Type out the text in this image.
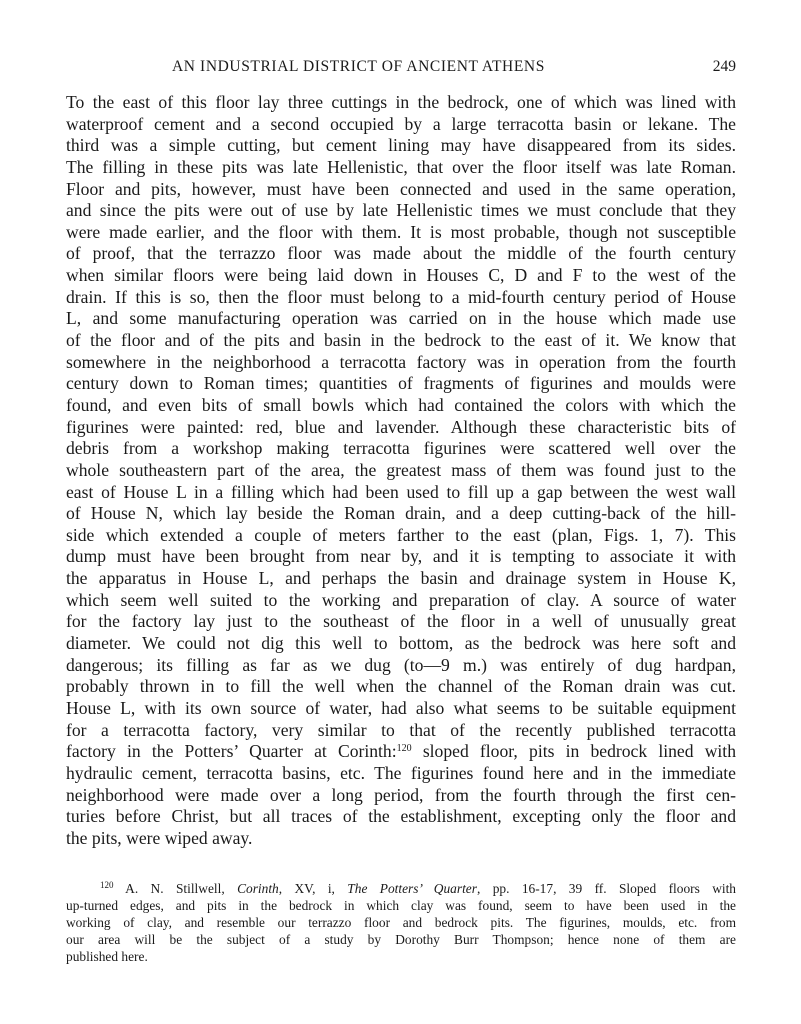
AN INDUSTRIAL DISTRICT OF ANCIENT ATHENS	249
To the east of this floor lay three cuttings in the bedrock, one of which was lined with
waterproof cement and a second occupied by a large terracotta basin or lekane. The
third was a simple cutting, but cement lining may have disappeared from its sides.
The filling in these pits was late Hellenistic, that over the floor itself was late Roman.
Floor and pits, however, must have been connected and used in the same operation,
and since the pits were out of use by late Hellenistic times we must conclude that they
were made earlier, and the floor with them. It is most probable, though not susceptible
of proof, that the terrazzo floor was made about the middle of the fourth century
when similar floors were being laid down in Houses C, D and F to the west of the
drain. If this is so, then the floor must belong to a mid-fourth century period of House
L, and some manufacturing operation was carried on in the house which made use
of the floor and of the pits and basin in the bedrock to the east of it. We know that
somewhere in the neighborhood a terracotta factory was in operation from the fourth
century down to Roman times; quantities of fragments of figurines and moulds were
found, and even bits of small bowls which had contained the colors with which the
figurines were painted: red, blue and lavender. Although these characteristic bits of
debris from a workshop making terracotta figurines were scattered well over the
whole southeastern part of the area, the greatest mass of them was found just to the
east of House L in a filling which had been used to fill up a gap between the west wall
of House N, which lay beside the Roman drain, and a deep cutting-back of the hill-
side which extended a couple of meters farther to the east (plan, Figs. 1, 7). This
dump must have been brought from near by, and it is tempting to associate it with
the apparatus in House L, and perhaps the basin and drainage system in House K,
which seem well suited to the working and preparation of clay. A source of water
for the factory lay just to the southeast of the floor in a well of unusually great
diameter. We could not dig this well to bottom, as the bedrock was here soft and
dangerous; its filling as far as we dug (to—9 m.) was entirely of dug hardpan,
probably thrown in to fill the well when the channel of the Roman drain was cut.
House L, with its own source of water, had also what seems to be suitable equipment
for a terracotta factory, very similar to that of the recently published terracotta
factory in the Potters’ Quarter at Corinth:$^{120}$ sloped floor, pits in bedrock lined with
hydraulic cement, terracotta basins, etc. The figurines found here and in the immediate
neighborhood were made over a long period, from the fourth through the first cen-
turies before Christ, but all traces of the establishment, excepting only the floor and
the pits, were wiped away.
$^{120}$ A. N. Stillwell, Corinth, XV, i, The Potters’ Quarter, pp. 16-17, 39 ff. Sloped floors with
up-turned edges, and pits in the bedrock in which clay was found, seem to have been used in the
working of clay, and resemble our terrazzo floor and bedrock pits. The figurines, moulds, etc. from
our area will be the subject of a study by Dorothy Burr Thompson; hence none of them are
published here.
